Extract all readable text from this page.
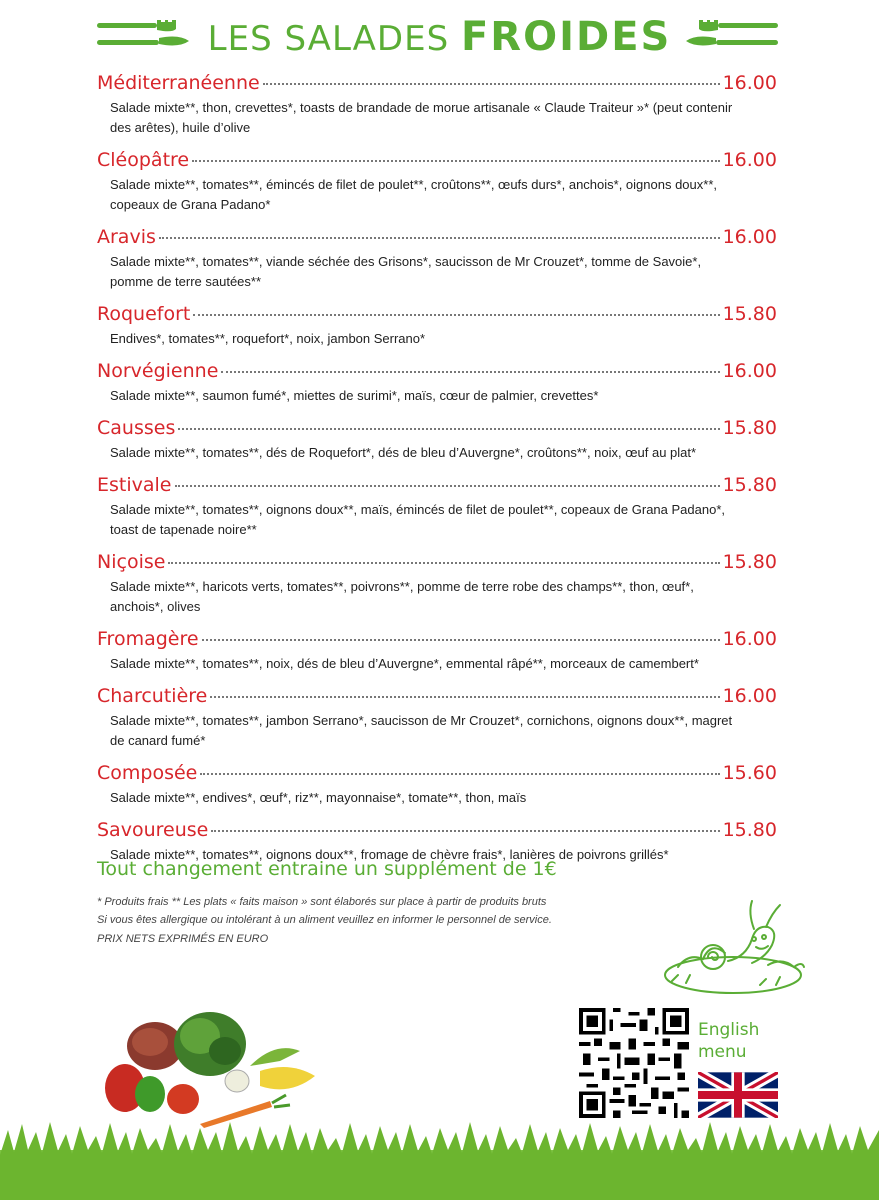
LES SALADES FROIDES
Méditerranéenne	16.00
Salade mixte**, thon, crevettes*, toasts de brandade de morue artisanale « Claude Traiteur »* (peut contenir des arêtes), huile d’olive
Cléopâtre	16.00
Salade mixte**, tomates**, émincés de filet de poulet**, croûtons**, œufs durs*, anchois*, oignons doux**, copeaux de Grana Padano*
Aravis	16.00
Salade mixte**, tomates**, viande séchée des Grisons*, saucisson de Mr Crouzet*, tomme de Savoie*, pomme de terre sautées**
Roquefort	15.80
Endives*, tomates**, roquefort*, noix, jambon Serrano*
Norvégienne	16.00
Salade mixte**, saumon fumé*, miettes de surimi*, maïs, cœur de palmier, crevettes*
Causses	15.80
Salade mixte**, tomates**, dés de Roquefort*, dés de bleu d’Auvergne*, croûtons**, noix, œuf au plat*
Estivale	15.80
Salade mixte**, tomates**, oignons doux**, maïs, émincés de filet de poulet**, copeaux de Grana Padano*, toast de tapenade noire**
Niçoise	15.80
Salade mixte**, haricots verts, tomates**, poivrons**, pomme de terre robe des champs**, thon, œuf*, anchois*, olives
Fromagère	16.00
Salade mixte**, tomates**, noix, dés de bleu d’Auvergne*, emmental râpé**, morceaux de camembert*
Charcutière	16.00
Salade mixte**, tomates**, jambon Serrano*, saucisson de Mr Crouzet*, cornichons, oignons doux**, magret de canard fumé*
Composée	15.60
Salade mixte**, endives*, œuf*, riz**, mayonnaise*, tomate**, thon, maïs
Savoureuse	15.80
Salade mixte**, tomates**, oignons doux**, fromage de chèvre frais*, lanières de poivrons grillés*
Tout changement entraine un supplément de 1€
* Produits frais ** Les plats « faits maison » sont élaborés sur place à partir de produits bruts
Si vous êtes allergique ou intolérant à un aliment veuillez en informer le personnel de service.
PRIX NETS EXPRIMÉS EN EURO
English
menu
